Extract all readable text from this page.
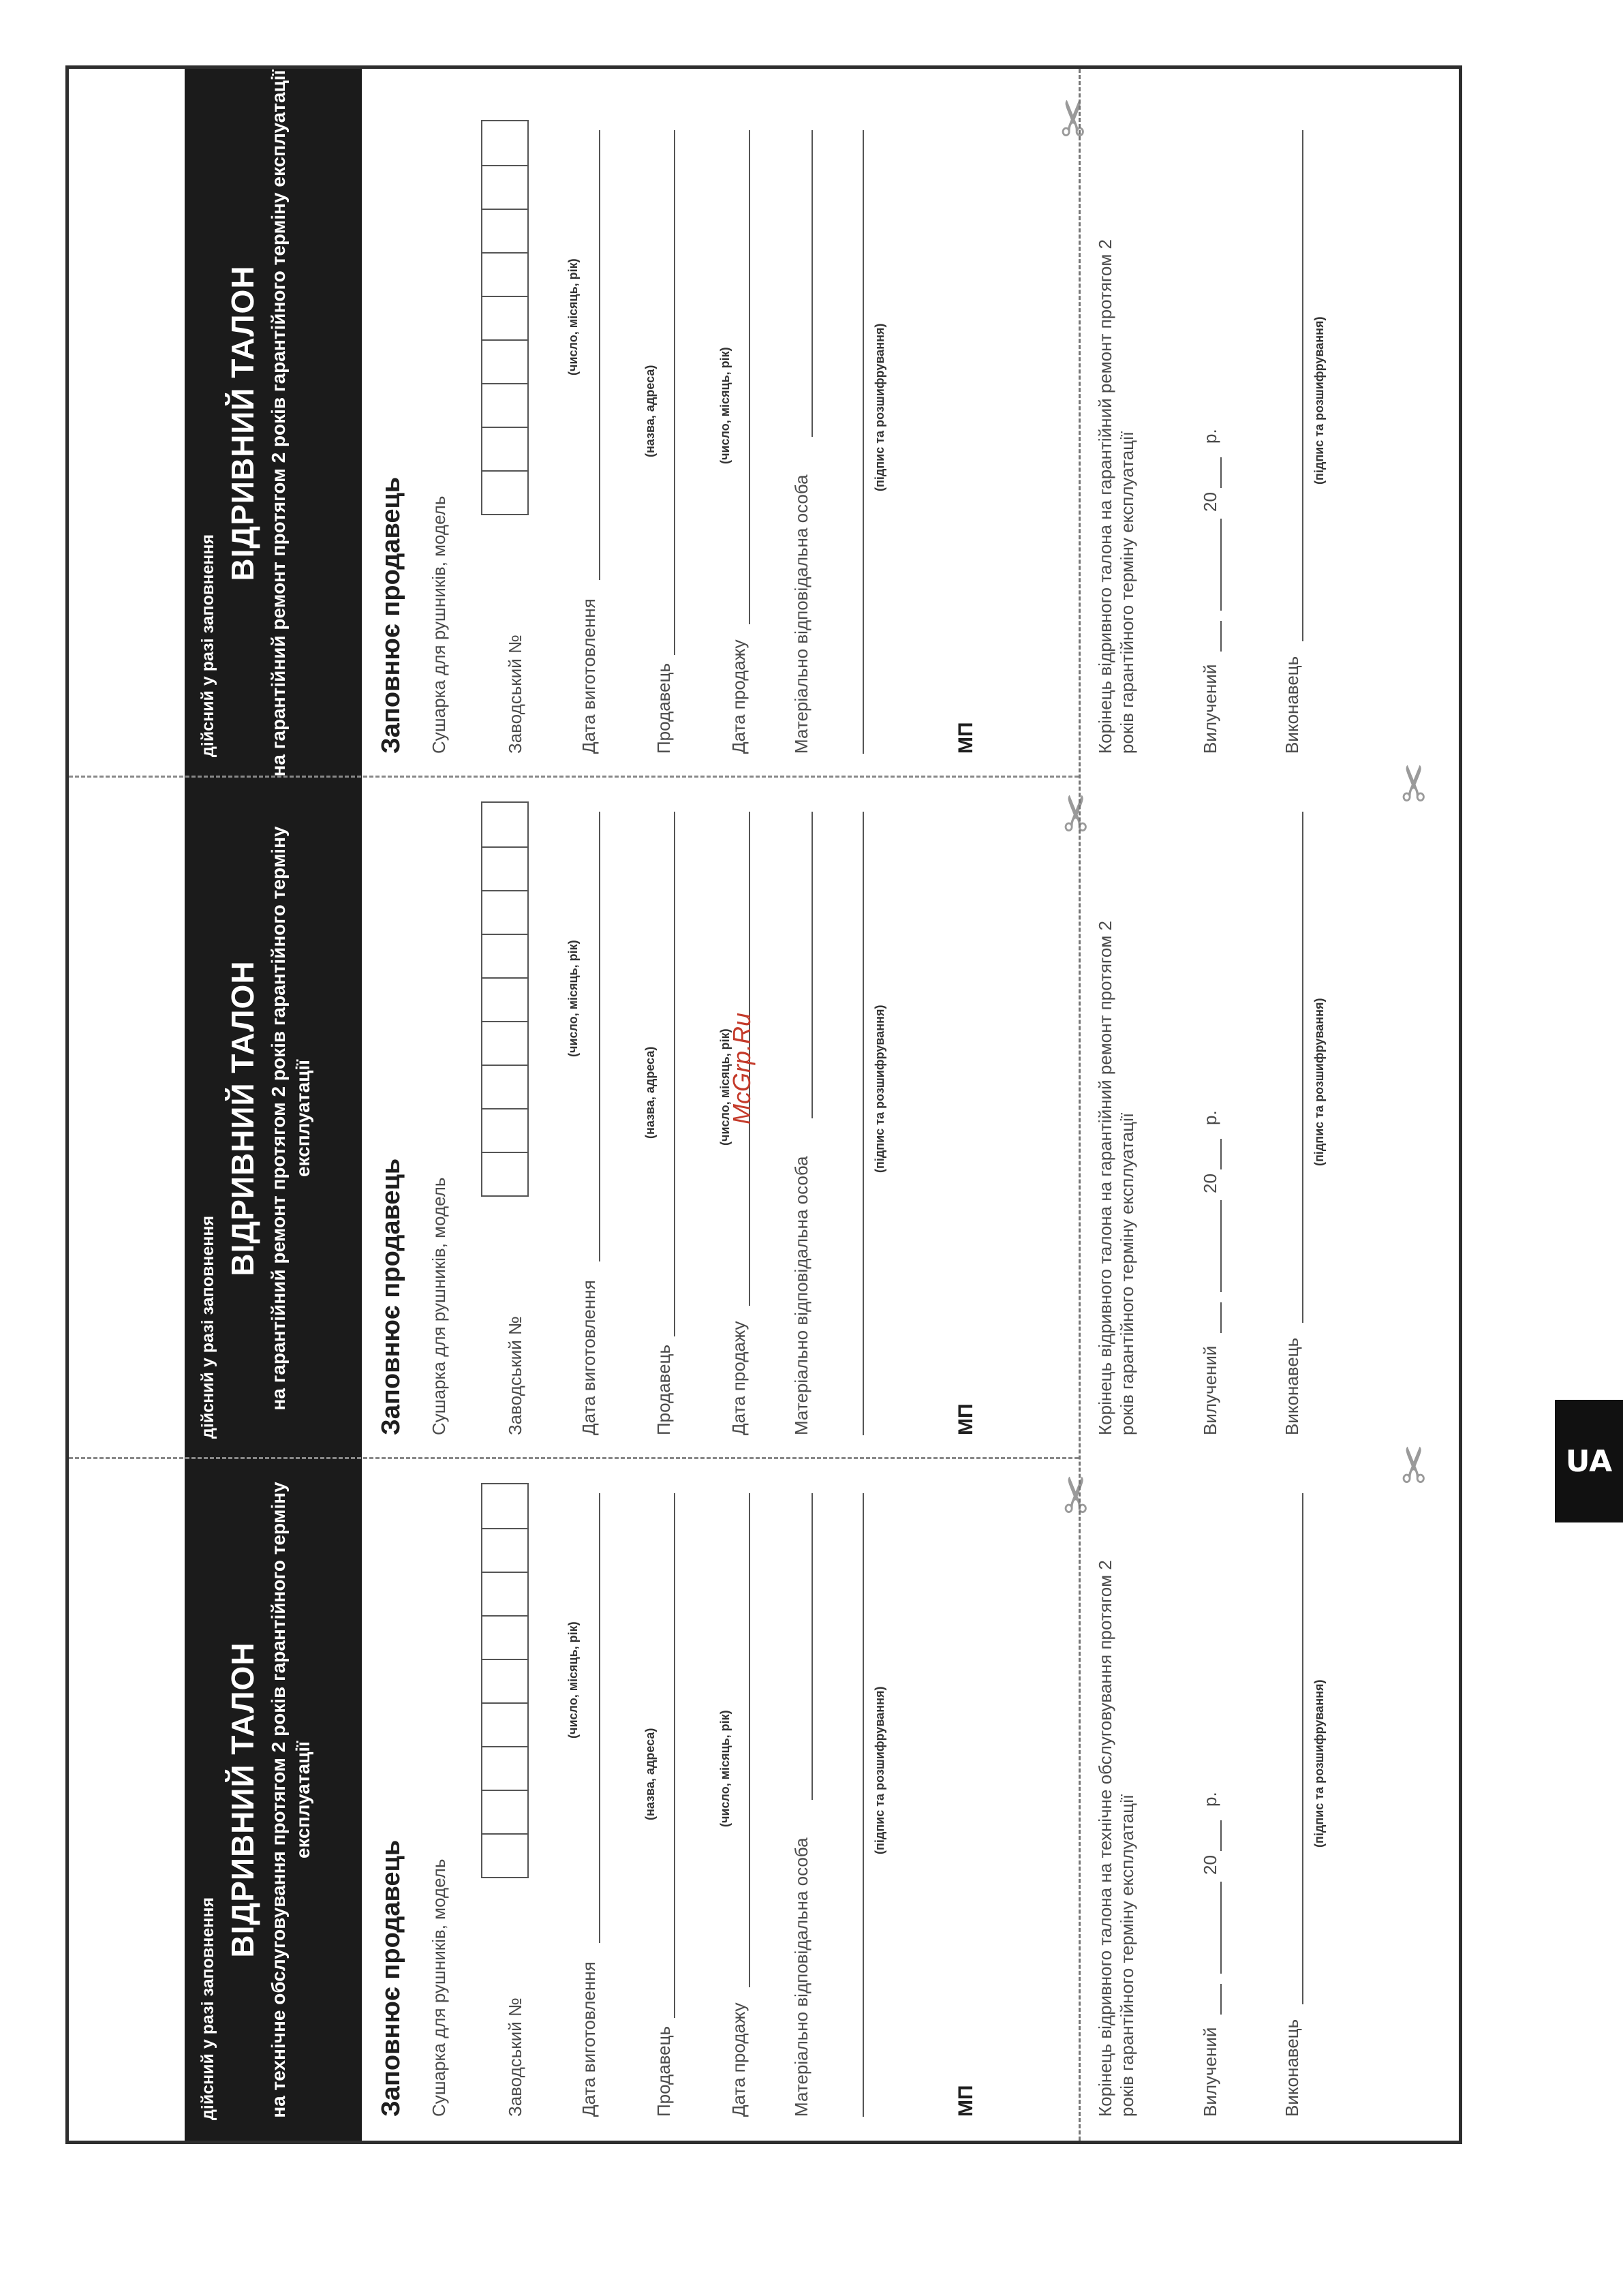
дійсний у разі заповнення
ВІДРИВНИЙ ТАЛОН на технічне обслуговування протягом 2 років гарантійного терміну експлуатації
Заповнює продавець Сушарка для рушників, модель	Заводський №	Дата виготовлення
(число, місяць, рік)
Продавець
(назва, адреса)
Дата продажу
(число, місяць, рік)
Матеріально відповідальна особа
(підпис та розшифрування)
МП	Корінець відривного талона на технічне обслуговування протягом 2 років гарантійного терміну експлуатації	Вилучений
20
р.
Виконавець
(підпис та розшифрування)
✂
дійсний у разі заповнення
ВІДРИВНИЙ ТАЛОН на гарантійний ремонт протягом 2 років гарантійного терміну експлуатації
Заповнює продавець Сушарка для рушників, модель	Заводський №	Дата виготовлення
(число, місяць, рік)
Продавець
(назва, адреса)
Дата продажу
(число, місяць, рік)
Матеріально відповідальна особа
(підпис та розшифрування)
МП	Корінець відривного талона на гарантійний ремонт протягом 2 років гарантійного терміну експлуатації	Вилучений
20
р.
Виконавець
(підпис та розшифрування)
✂
✂
дійсний у разі заповнення
ВІДРИВНИЙ ТАЛОН на гарантійний ремонт протягом 2 років гарантійного терміну експлуатації	Заповнює продавець Сушарка для рушників, модель	Заводський №	Дата виготовлення
(число, місяць, рік)
Продавець
(назва, адреса)
Дата продажу
(число, місяць, рік)
Матеріально відповідальна особа
(підпис та розшифрування)
МП	Корінець відривного талона на гарантійний ремонт протягом 2 років гарантійного терміну експлуатації	Вилучений
20
р.
Виконавець
(підпис та розшифрування)
✂
✂
McGrp.Ru
UA
